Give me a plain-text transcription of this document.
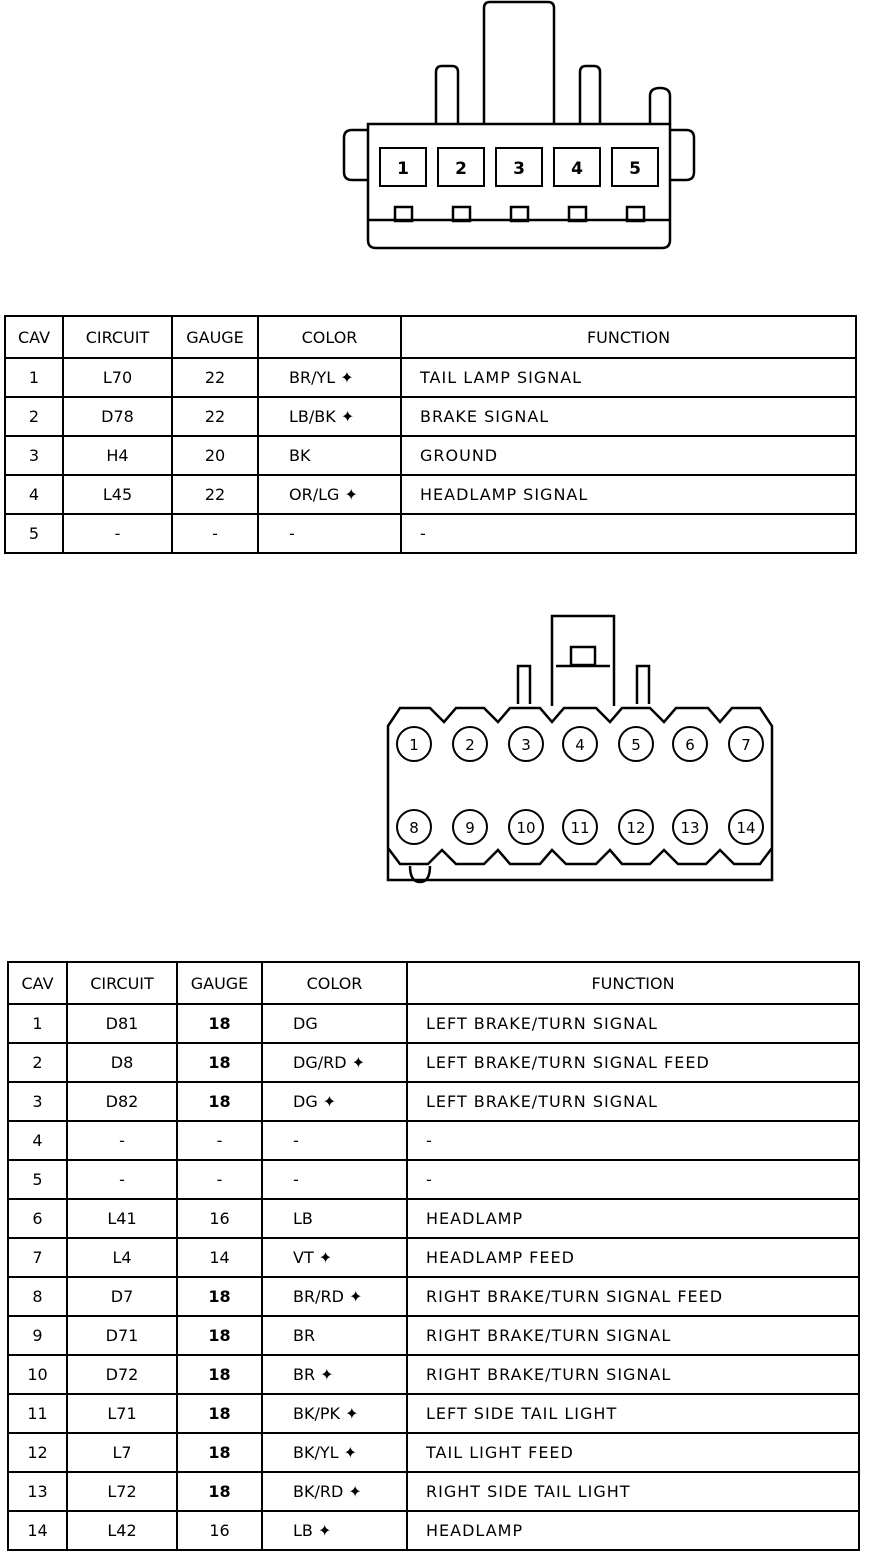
1	2	3	4	5
CAV	CIRCUIT	GAUGE	COLOR	FUNCTION	
1	L70	22	BR/YL ✦	TAIL LAMP SIGNAL	
2	D78	22	LB/BK ✦	BRAKE SIGNAL	
3	H4	20	BK	GROUND	
4	L45	22	OR/LG ✦	HEADLAMP SIGNAL	
5	-	-	-	-	
1	2	3	4	5	6	7
8	9	10 11 12 13 14
CAV	CIRCUIT	GAUGE	COLOR	FUNCTION
1	D81	18	DG	LEFT BRAKE/TURN SIGNAL
2	D8	18	DG/RD ✦	LEFT BRAKE/TURN SIGNAL FEED
3	D82	18	DG ✦	LEFT BRAKE/TURN SIGNAL
4	-	-	-	-
5	-	-	-	-
6	L41	16	LB	HEADLAMP
7	L4	14	VT ✦	HEADLAMP FEED
8	D7	18	BR/RD ✦	RIGHT BRAKE/TURN SIGNAL FEED
9	D71	18	BR	RIGHT BRAKE/TURN SIGNAL
10	D72	18	BR ✦	RIGHT BRAKE/TURN SIGNAL
11	L71	18	BK/PK ✦	LEFT SIDE TAIL LIGHT
12	L7	18	BK/YL ✦	TAIL LIGHT FEED
13	L72	18	BK/RD ✦	RIGHT SIDE TAIL LIGHT
14	L42	16	LB ✦	HEADLAMP
